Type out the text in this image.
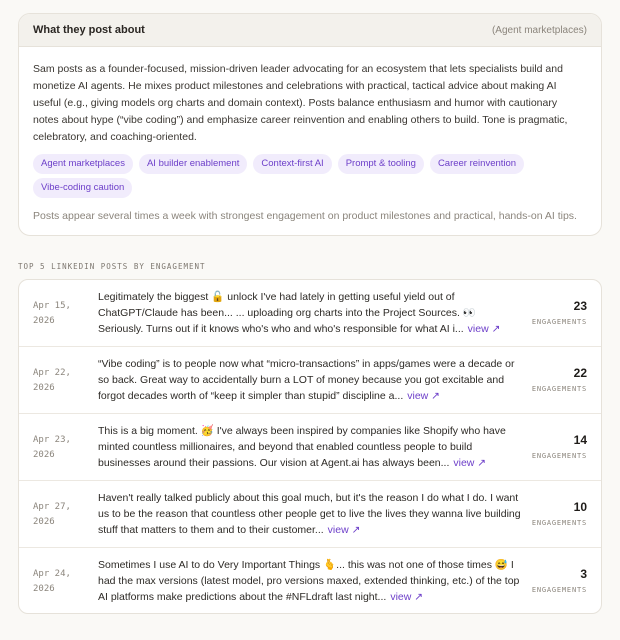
What they post about	(Agent marketplaces)

Sam posts as a founder-focused, mission-driven leader advocating for an ecosystem that lets specialists build and monetize AI agents. He mixes product milestones and celebrations with practical, tactical advice about making AI useful (e.g., giving models org charts and domain context). Posts balance enthusiasm and humor with cautionary notes about hype (“vibe coding”) and emphasize career reinvention and enabling others to build. Tone is pragmatic, celebratory, and coaching-oriented.

Agent marketplaces	AI builder enablement	Context-first AI	Prompt & tooling	Career reinvention
Vibe-coding caution

Posts appear several times a week with strongest engagement on product milestones and practical, hands-on AI tips.

TOP 5 LINKEDIN POSTS BY ENGAGEMENT
Apr 15,
2026
Legitimately the biggest 🔓 unlock I've had lately in getting useful yield out of ChatGPT/Claude has been... ... uploading org charts into the Project Sources. 👀 Seriously. Turns out if it knows who's who and who's responsible for what AI i... view ↗
23
ENGAGEMENTS
Apr 22,
2026
“Vibe coding” is to people now what “micro-transactions” in apps/games were a decade or so back. Great way to accidentally burn a LOT of money because you got excitable and forgot decades worth of “keep it simpler than stupid” discipline a... view ↗
22
ENGAGEMENTS
Apr 23,
2026
This is a big moment. 🥳 I've always been inspired by companies like Shopify who have minted countless millionaires, and beyond that enabled countless people to build businesses around their passions. Our vision at Agent.ai has always been... view ↗
14
ENGAGEMENTS
Apr 27,
2026
Haven't really talked publicly about this goal much, but it's the reason I do what I do. I want us to be the reason that countless other people get to live the lives they wanna live building stuff that matters to them and to their customer... view ↗
10
ENGAGEMENTS
Apr 24,
2026
Sometimes I use AI to do Very Important Things 🫰... this was not one of those times 😅 I had the max versions (latest model, pro versions maxed, extended thinking, etc.) of the top AI platforms make predictions about the #NFLdraft last night... view ↗
3
ENGAGEMENTS
